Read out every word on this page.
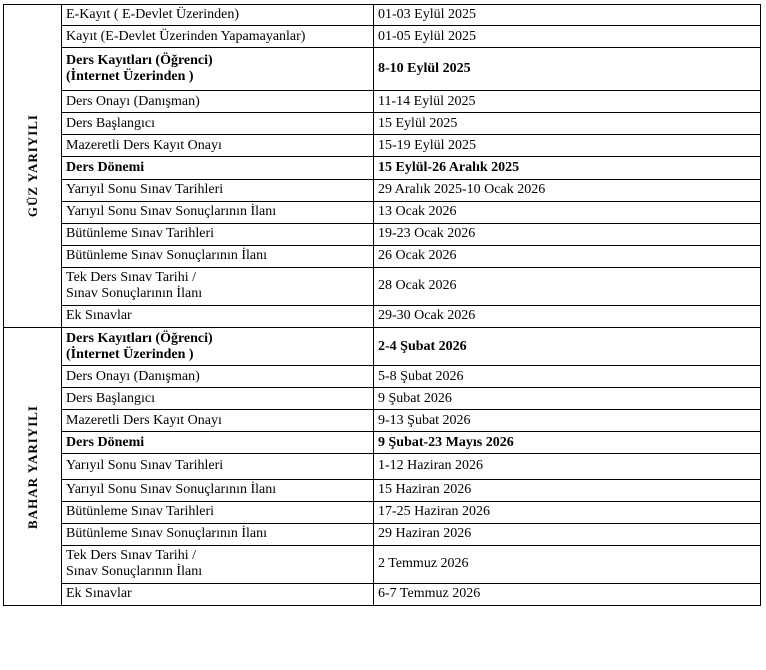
GÜZ YARIYILI	E-Kayıt ( E-Devlet Üzerinden)	01-03 Eylül 2025

	Kayıt (E-Devlet Üzerinden Yapamayanlar)	01-05 Eylül 2025

	Ders Kayıtları (Öğrenci)
(İnternet Üzerinden )	8-10 Eylül 2025

	Ders Onayı (Danışman)	11-14 Eylül 2025

	Ders Başlangıcı	15 Eylül 2025

	Mazeretli Ders Kayıt Onayı	15-19 Eylül 2025

	Ders Dönemi	15 Eylül-26 Aralık 2025

	Yarıyıl Sonu Sınav Tarihleri	29 Aralık 2025-10 Ocak 2026

	Yarıyıl Sonu Sınav Sonuçlarının İlanı	13 Ocak 2026

	Bütünleme Sınav Tarihleri	19-23 Ocak 2026

	Bütünleme Sınav Sonuçlarının İlanı	26 Ocak 2026

	Tek Ders Sınav Tarihi /
Sınav Sonuçlarının İlanı	28 Ocak 2026

	Ek Sınavlar	29-30 Ocak 2026

BAHAR YARIYILI	Ders Kayıtları (Öğrenci)
(İnternet Üzerinden )	2-4 Şubat 2026

	Ders Onayı (Danışman)	5-8 Şubat 2026

	Ders Başlangıcı	9 Şubat 2026

	Mazeretli Ders Kayıt Onayı	9-13 Şubat 2026

	Ders Dönemi	9 Şubat-23 Mayıs 2026

	Yarıyıl Sonu Sınav Tarihleri	1-12 Haziran 2026

	Yarıyıl Sonu Sınav Sonuçlarının İlanı	15 Haziran 2026

	Bütünleme Sınav Tarihleri	17-25 Haziran 2026

	Bütünleme Sınav Sonuçlarının İlanı	29 Haziran 2026

	Tek Ders Sınav Tarihi /
Sınav Sonuçlarının İlanı	2 Temmuz 2026

	Ek Sınavlar	6-7 Temmuz 2026
